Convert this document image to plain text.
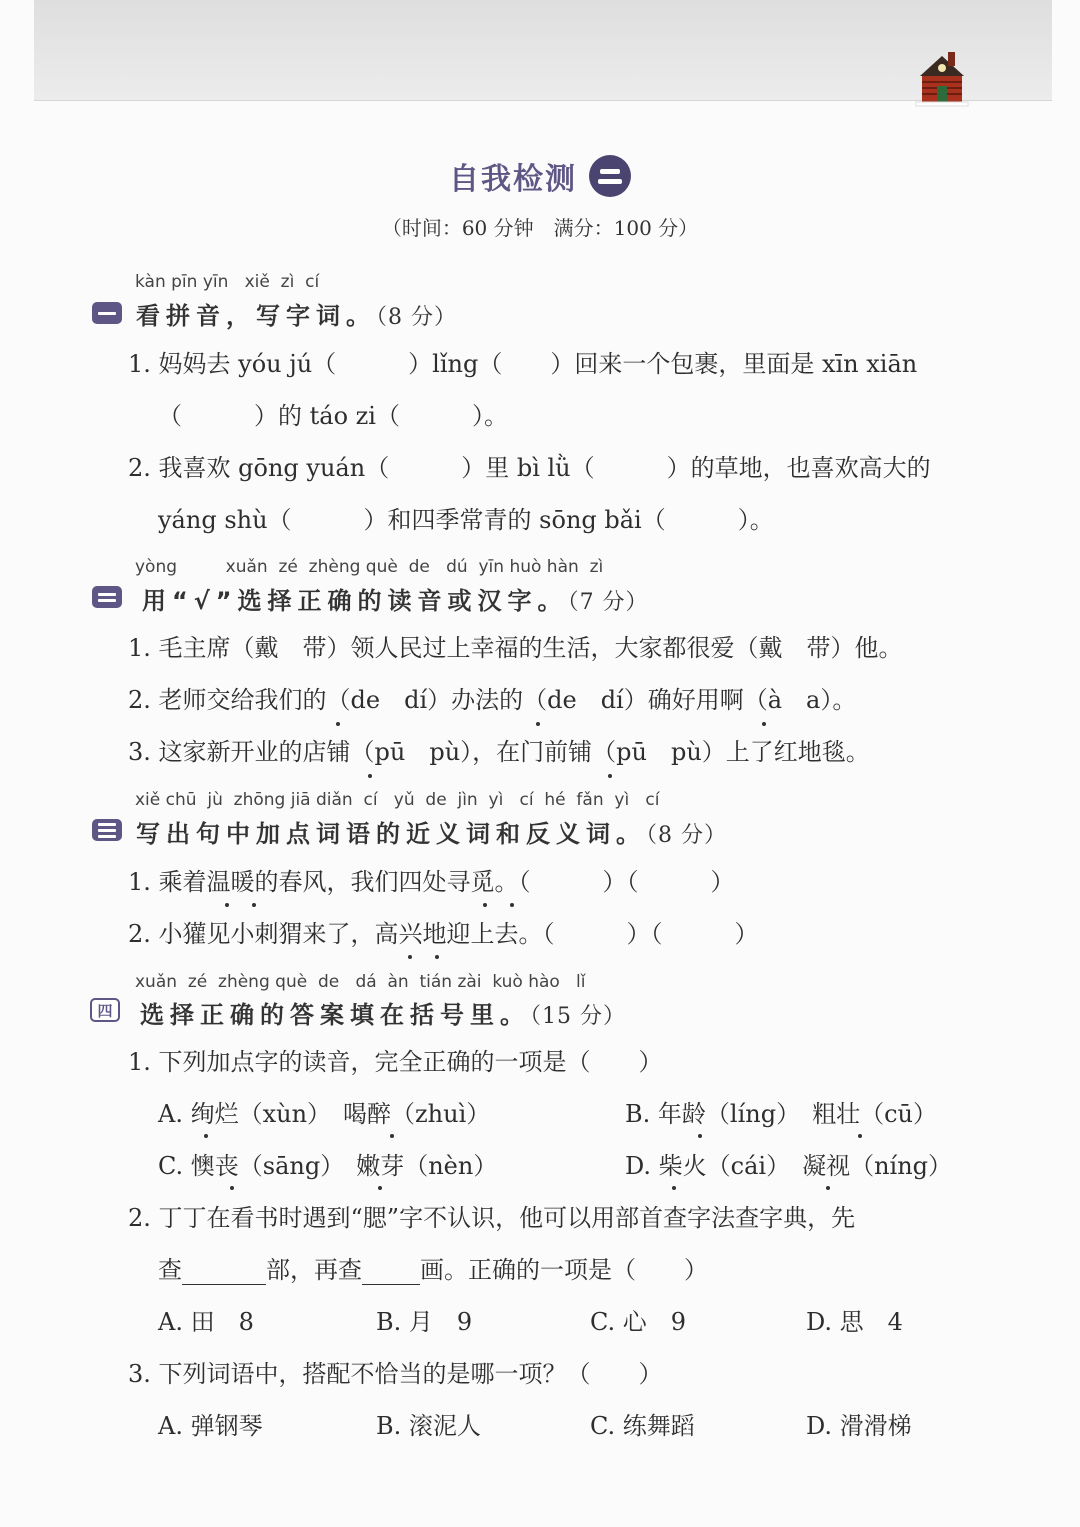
自我检测
（时间：60 分钟　满分：100 分）
kàn pīn yīn   xiě  zì  cí
看拼音，写字词。（8 分）
1. 妈妈去 yóu jú（　　　）lǐng（　　）回来一个包裹，里面是 xīn xiān
（　　　）的 táo zi（　　　）。
2. 我喜欢 gōng yuán（　　　）里 bì lǜ（　　　）的草地，也喜欢高大的
yáng shù（　　　）和四季常青的 sōng bǎi（　　　）。
yòng         xuǎn  zé  zhèng què  de   dú  yīn huò hàn  zì
用“√”选择正确的读音或汉字。（7 分）
1. 毛主席（戴　带）领人民过上幸福的生活，大家都很爱（戴　带）他。
2. 老师交给我们的（de　dí）办法的（de　dí）确好用啊（à　a）。
3. 这家新开业的店铺（pū　pù），在门前铺（pū　pù）上了红地毯。
xiě chū  jù  zhōng jiā diǎn  cí   yǔ  de  jìn  yì   cí  hé  fǎn  yì   cí
写出句中加点词语的近义词和反义词。（8 分）
1. 乘着温暖的春风，我们四处寻觅。（　　　）（　　　）
2. 小獾见小刺猬来了，高兴地迎上去。（　　　）（　　　）
xuǎn  zé  zhèng què  de   dá  àn  tián zài  kuò hào   lǐ
四	选择正确的答案填在括号里。（15 分）
1. 下列加点字的读音，完全正确的一项是（　　）
A. 绚烂（xùn）　喝醉（zhuì）	B. 年龄（líng）　粗壮（cū）
C. 懊丧（sāng）　嫩芽（nèn）	D. 柴火（cái）　凝视（níng）
2. 丁丁在看书时遇到“腮”字不认识，他可以用部首查字法查字典，先
查	部，再查 画。正确的一项是（　　）
A. 田　8	B. 月　9	C. 心　9	D. 思　4
3. 下列词语中，搭配不恰当的是哪一项？（　　）
A. 弹钢琴	B. 滚泥人	C. 练舞蹈	D. 滑滑梯
